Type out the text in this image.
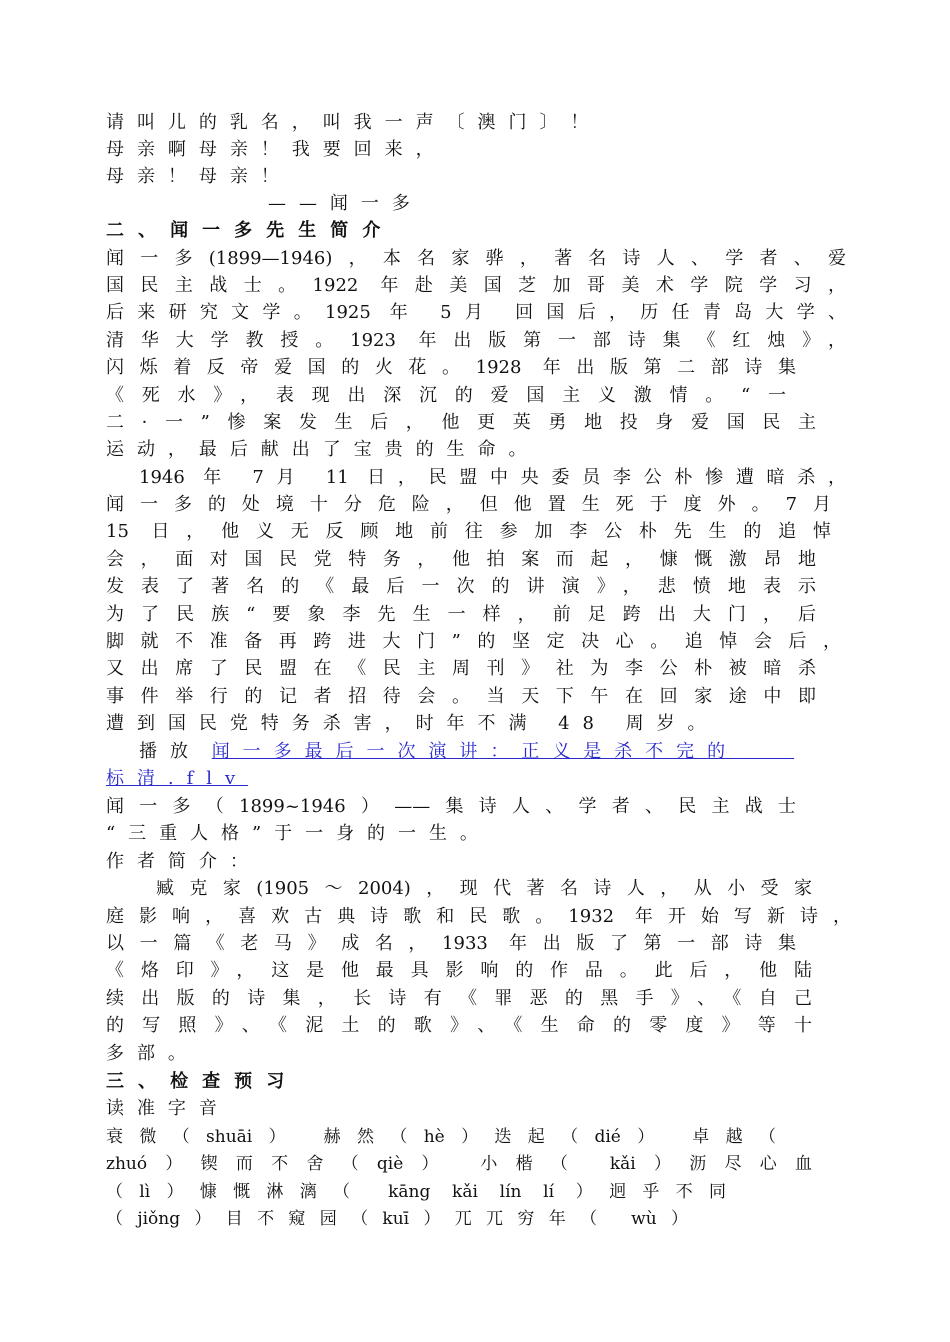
请叫儿的乳名，叫我一声〔澳门〕！
母亲啊母亲！我要回来，
母亲！母亲！
——闻一多
二、闻一多先生简介
闻一多(1899—1946)，本名家骅，著名诗人、学者、爱
国民主战士。1922 年赴美国芝加哥美术学院学习，
后来研究文学。1925 年 5月 回国后，历任青岛大学、
清华大学教授。1923 年出版第一部诗集《红烛》，
闪烁着反帝爱国的火花。1928 年出版第二部诗集
《死水》，表现出深沉的爱国主义激情。“一
二·一”惨案发生后，他更英勇地投身爱国民主
运动，最后献出了宝贵的生命。
1946 年 7月 11 日，民盟中央委员李公朴惨遭暗杀，
闻一多的处境十分危险，但他置生死于度外。7月
15 日，他义无反顾地前往参加李公朴先生的追悼
会，面对国民党特务，他拍案而起，慷慨激昂地
发表了著名的《最后一次的讲演》，悲愤地表示
为了民族“要象李先生一样，前足跨出大门，后
脚就不准备再跨进大门”的坚定决心。追悼会后，
又出席了民盟在《民主周刊》社为李公朴被暗杀
事件举行的记者招待会。当天下午在回家途中即
遭到国民党特务杀害，时年不满 48 周岁。
播放 闻一多最后一次演讲：正义是杀不完的
标清.flv
闻一多（1899~1946）——集诗人、学者、民主战士
“三重人格”于一身的一生。
作者简介：
臧克家(1905～2004)，现代著名诗人，从小受家
庭影响，喜欢古典诗歌和民歌。1932 年开始写新诗，
以一篇《老马》成名，1933 年出版了第一部诗集
《烙印》，这是他最具影响的作品。此后，他陆
续出版的诗集，长诗有《罪恶的黑手》、《自己
的写照》、《泥土的歌》、《生命的零度》等十
多部。
三、检查预习
读准字音
衰微（shuāi） 赫然（hè）迭起（dié） 卓越（
zhuó）锲而不舍（qiè） 小楷（ kǎi）沥尽心血
（lì）慷慨淋漓（ kāng kǎi lín lí ）迥乎不同
（jiǒng）目不窥园（kuī）兀兀穷年（ wù）
